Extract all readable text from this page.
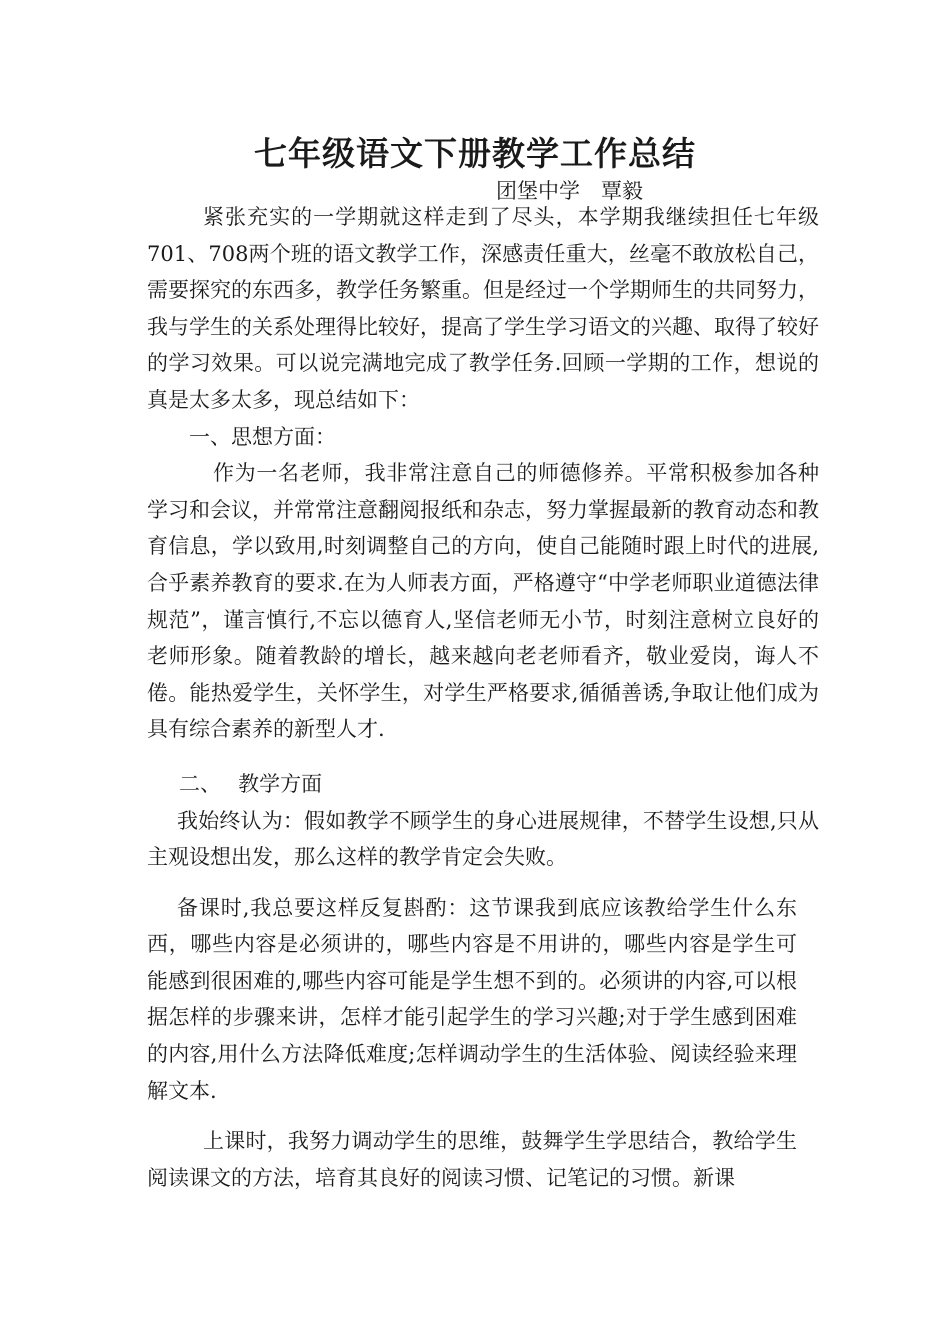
七年级语文下册教学工作总结
团堡中学　覃毅

紧张充实的一学期就这样走到了尽头，本学期我继续担任七年级701、708两个班的语文教学工作，深感责任重大，丝毫不敢放松自己，需要探究的东西多，教学任务繁重。但是经过一个学期师生的共同努力，我与学生的关系处理得比较好，提高了学生学习语文的兴趣、取得了较好的学习效果。可以说完满地完成了教学任务.回顾一学期的工作，想说的真是太多太多，现总结如下：

一、思想方面：

作为一名老师，我非常注意自己的师德修养。平常积极参加各种学习和会议，并常常注意翻阅报纸和杂志，努力掌握最新的教育动态和教育信息，学以致用,时刻调整自己的方向，使自己能随时跟上时代的进展,合乎素养教育的要求.在为人师表方面，严格遵守“中学老师职业道德法律规范”，谨言慎行,不忘以德育人,坚信老师无小节，时刻注意树立良好的老师形象。随着教龄的增长，越来越向老老师看齐，敬业爱岗，诲人不倦。能热爱学生，关怀学生，对学生严格要求,循循善诱,争取让他们成为具有综合素养的新型人才.

二、　 教学方面

我始终认为：假如教学不顾学生的身心进展规律，不替学生设想,只从主观设想出发，那么这样的教学肯定会失败。

备课时,我总要这样反复斟酌：这节课我到底应该教给学生什么东西，哪些内容是必须讲的，哪些内容是不用讲的，哪些内容是学生可能感到很困难的,哪些内容可能是学生想不到的。必须讲的内容,可以根据怎样的步骤来讲，怎样才能引起学生的学习兴趣;对于学生感到困难的内容,用什么方法降低难度;怎样调动学生的生活体验、阅读经验来理解文本.

上课时，我努力调动学生的思维，鼓舞学生学思结合，教给学生阅读课文的方法，培育其良好的阅读习惯、记笔记的习惯。新课
